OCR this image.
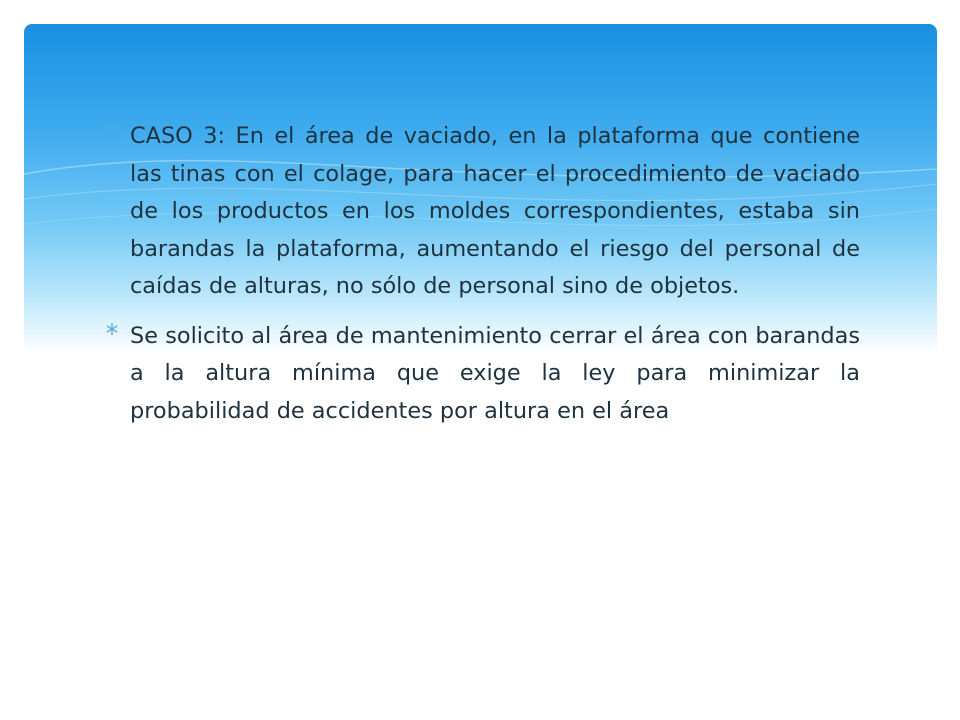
CASO 3: En el área de vaciado, en la plataforma que contiene las tinas con el colage, para hacer el procedimiento de vaciado de los productos en los moldes correspondientes, estaba sin barandas la plataforma, aumentando el riesgo del personal de caídas de alturas, no sólo de personal sino de objetos.

Se solicito al área de mantenimiento cerrar el área con barandas a la altura mínima que exige la ley para minimizar la probabilidad de accidentes por altura en el área
